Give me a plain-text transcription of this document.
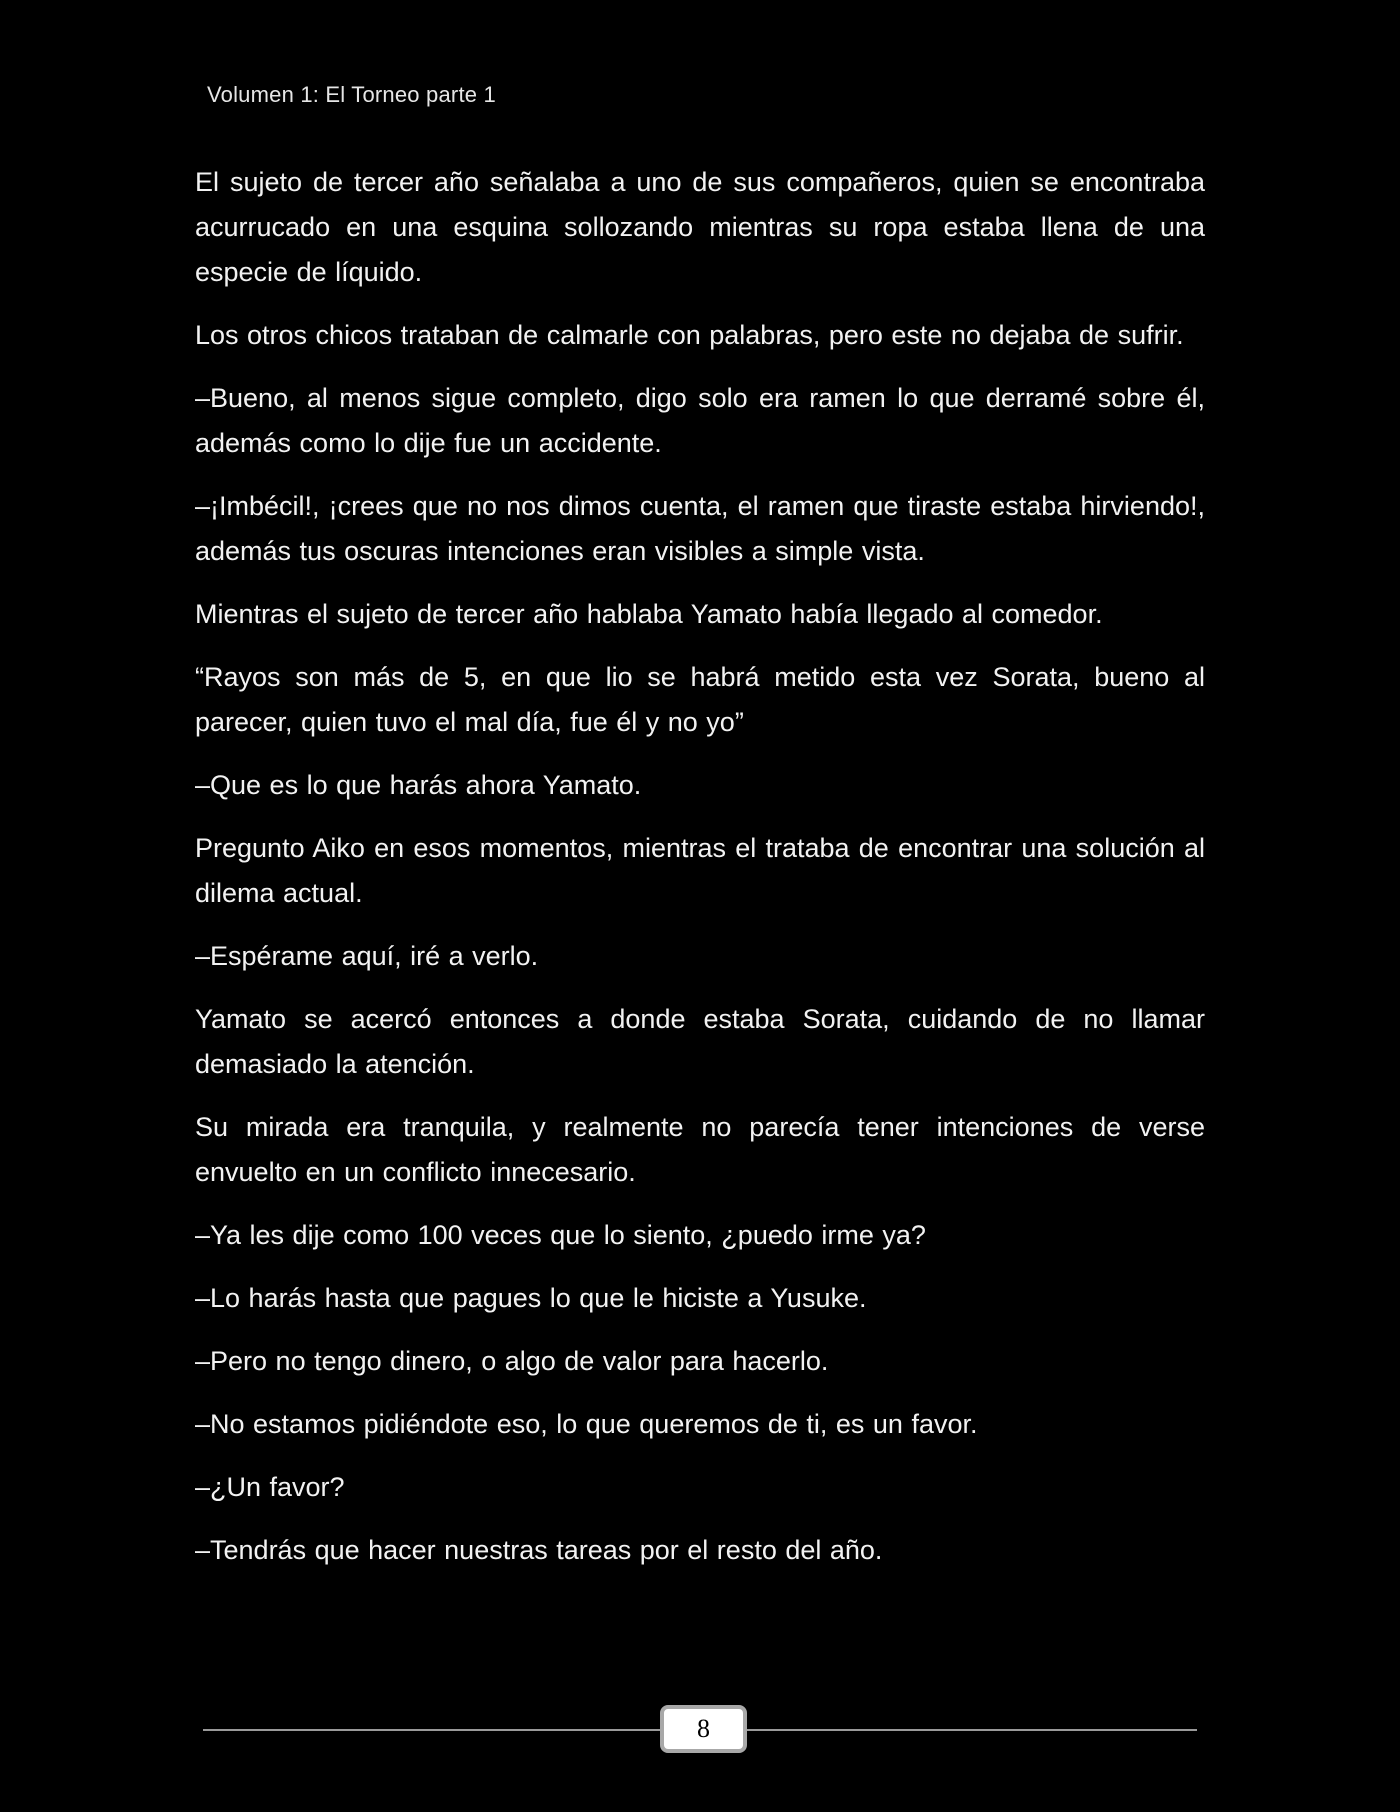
Volumen 1: El Torneo parte 1

El sujeto de tercer año señalaba a uno de sus compañeros, quien se encontraba acurrucado en una esquina sollozando mientras su ropa estaba llena de una especie de líquido.

Los otros chicos trataban de calmarle con palabras, pero este no dejaba de sufrir.

–Bueno, al menos sigue completo, digo solo era ramen lo que derramé sobre él, además como lo dije fue un accidente.

–¡Imbécil!, ¡crees que no nos dimos cuenta, el ramen que tiraste estaba hirviendo!, además tus oscuras intenciones eran visibles a simple vista.

Mientras el sujeto de tercer año hablaba Yamato había llegado al comedor.

“Rayos son más de 5, en que lio se habrá metido esta vez Sorata, bueno al parecer, quien tuvo el mal día, fue él y no yo”

–Que es lo que harás ahora Yamato.

Pregunto Aiko en esos momentos, mientras el trataba de encontrar una solución al dilema actual.

–Espérame aquí, iré a verlo.

Yamato se acercó entonces a donde estaba Sorata, cuidando de no llamar demasiado la atención.

Su mirada era tranquila, y realmente no parecía tener intenciones de verse envuelto en un conflicto innecesario.

–Ya les dije como 100 veces que lo siento, ¿puedo irme ya?

–Lo harás hasta que pagues lo que le hiciste a Yusuke.

–Pero no tengo dinero, o algo de valor para hacerlo.

–No estamos pidiéndote eso, lo que queremos de ti, es un favor.

–¿Un favor?

–Tendrás que hacer nuestras tareas por el resto del año.

8
